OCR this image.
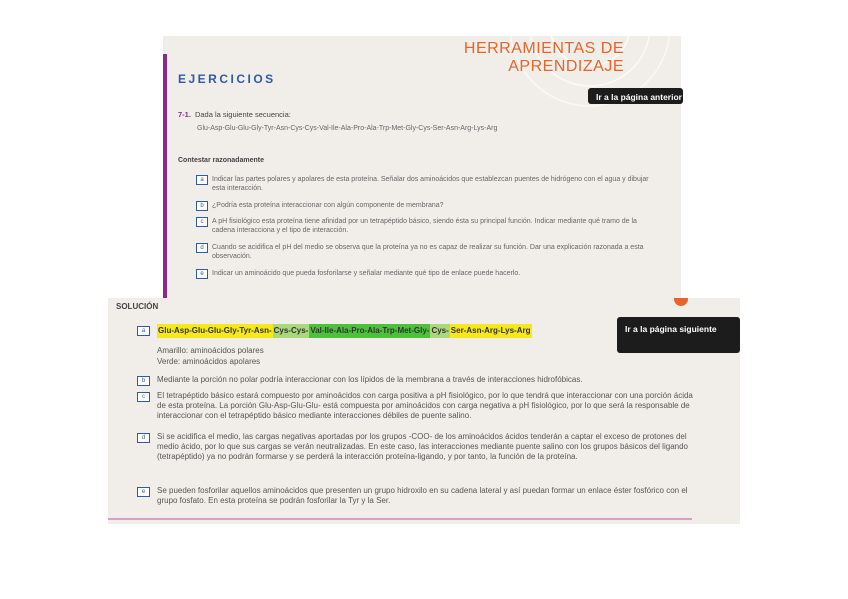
HERRAMIENTAS DE
APRENDIZAJE
EJERCICIOS
Ir a la página anterior
7-1. Dada la siguiente secuencia:
Glu-Asp-Glu-Glu-Gly-Tyr-Asn-Cys-Cys-Val-Ile-Ala-Pro-Ala-Trp-Met-Gly-Cys-Ser-Asn-Arg-Lys-Arg
Contestar razonadamente
a	Indicar las partes polares y apolares de esta proteína. Señalar dos aminoácidos que establezcan puentes de hidrógeno con el agua y dibujar esta interacción.
b	¿Podría esta proteína interaccionar con algún componente de membrana?
c	A pH fisiológico esta proteína tiene afinidad por un tetrapéptido básico, siendo ésta su principal función. Indicar mediante qué tramo de la cadena interacciona y el tipo de interacción.
d	Cuando se acidifica el pH del medio se observa que la proteína ya no es capaz de realizar su función. Dar una explicación razonada a esta observación.
e	Indicar un aminoácido que pueda fosforilarse y señalar mediante qué tipo de enlace puede hacerlo.
SOLUCIÓN
Ir a la página siguiente
a	Glu-Asp-Glu-Glu-Gly-Tyr-Asn- Cys-Cys- Val-Ile-Ala-Pro-Ala-Trp-Met-Gly- Cys- Ser-Asn-Arg-Lys-Arg
Amarillo: aminoácidos polares
Verde: aminoácidos apolares
b	Mediante la porción no polar podría interaccionar con los lípidos de la membrana a través de interacciones hidrofóbicas.
c	El tetrapéptido básico estará compuesto por aminoácidos con carga positiva a pH fisiológico, por lo que tendrá que interaccionar con una porción ácida de esta proteína. La porción Glu-Asp-Glu-Glu- está compuesta por aminoácidos con carga negativa a pH fisiológico, por lo que será la responsable de interaccionar con el tetrapéptido básico mediante interacciones débiles de puente salino.
d	Si se acidifica el medio, las cargas negativas aportadas por los grupos -COO- de los aminoácidos ácidos tenderán a captar el exceso de protones del medio ácido, por lo que sus cargas se verán neutralizadas. En este caso, las interacciones mediante puente salino con los grupos básicos del ligando (tetrapéptido) ya no podrán formarse y se perderá la interacción proteína-ligando, y por tanto, la función de la proteína.
e	Se pueden fosforilar aquellos aminoácidos que presenten un grupo hidroxilo en su cadena lateral y así puedan formar un enlace éster fosfórico con el grupo fosfato. En esta proteína se podrán fosforilar la Tyr y la Ser.
